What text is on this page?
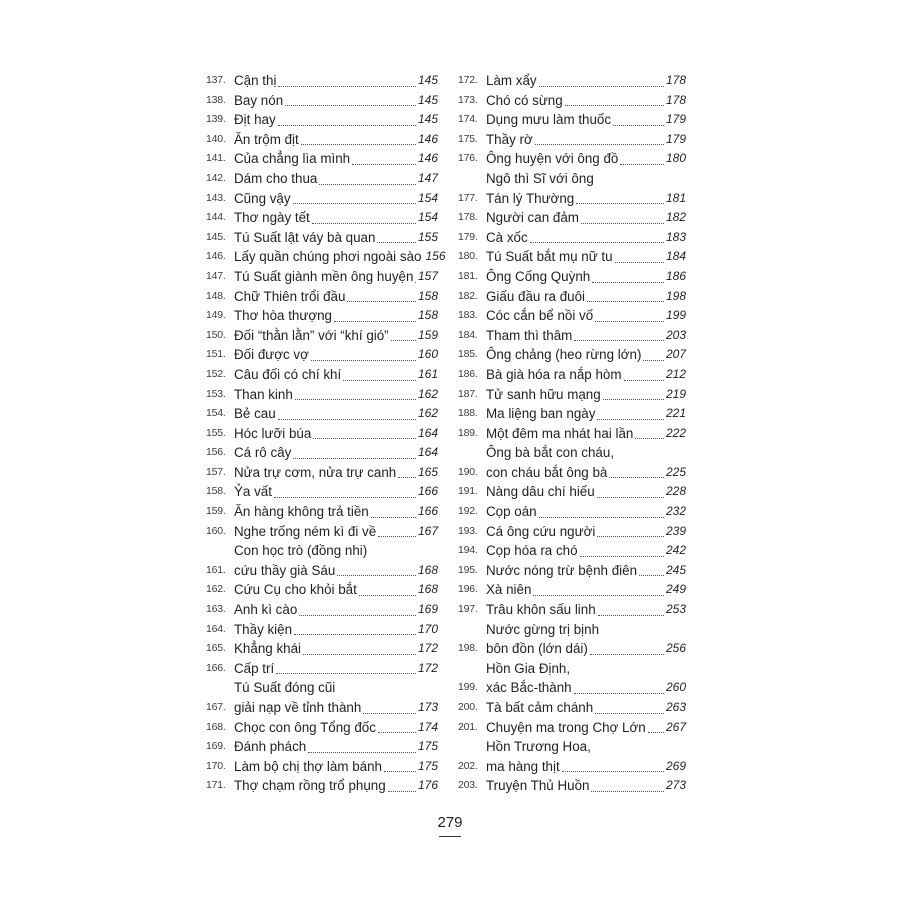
137. Cận thị	145
138. Bay nón	145
139. Địt hay	145
140. Ăn trộm địt	146
141. Của chẳng lìa mình	146
142. Dám cho thua	147
143. Cũng vậy	154
144. Thơ ngày tết	154
145. Tú Suất lật váy bà quan	155
146. Lấy quần chúng phơi ngoài sào 156
147. Tú Suất giành mền ông huyện 157
148. Chữ Thiên trổi đầu	158
149. Thơ hòa thượng	158
150. Đối “thằn lằn” với “khí gió” 159
151. Đối được vợ	160
152. Câu đối có chí khí	161
153. Than kinh	162
154. Bẻ cau	162
155. Hóc lưỡi búa	164
156. Cá rô cây	164
157. Nửa trự cơm, nửa trự canh 165
158. Ỷa vất	166
159. Ăn hàng không trả tiền	166
160. Nghe trống ném kì đi về	167
161.
Con học trò (đồng nhi)
cứu thầy già Sáu	168
162. Cứu Cụ cho khỏi bắt	168
163. Anh kì cào	169
164. Thầy kiện	170
165. Khẳng khái	172
166. Cấp trí	172
167.
Tú Suất đóng cũi
giải nạp về tỉnh thành	173
168. Chọc con ông Tổng đốc	174
169. Đánh phách	175
170. Làm bộ chị thợ làm bánh	175
171. Thợ chạm rồng trổ phụng	176
172. Làm xẩy	178
173. Chó có sừng	178
174. Dụng mưu làm thuốc	179
175. Thầy rờ	179
176. Ông huyện với ông đồ	180
177.
Ngô thì Sĩ với ông
Tán lý Thường	181
178. Người can đảm	182
179. Cà xốc	183
180. Tú Suất bắt mụ nữ tu	184
181. Ông Cống Quỳnh	186
182. Giấu đầu ra đuôi	198
183. Cóc cắn bể nồi vố	199
184. Tham thì thâm	203
185. Ông chảng (heo rừng lớn) 207
186. Bà già hóa ra nắp hòm	212
187. Tử sanh hữu mạng	219
188. Ma liệng ban ngày	221
189. Một đêm ma nhát hai lần	222
190.
Ông bà bắt con cháu,
con cháu bắt ông bà	225
191. Nàng dâu chí hiếu	228
192. Cọp oán	232
193. Cá ông cứu người	239
194. Cọp hóa ra chó	242
195. Nước nóng trừ bệnh điên 245
196. Xà niên	249
197. Trâu khôn sấu linh	253
198.
Nước gừng trị bịnh
bôn đồn (lớn dái)	256
199.
Hồn Gia Định,
xác Bắc-thành	260
200. Tà bất cảm chánh	263
201. Chuyện ma trong Chợ Lớn 267
202.
Hồn Trương Hoa,
ma hàng thịt	269
203. Truyện Thủ Huồn	273
279
